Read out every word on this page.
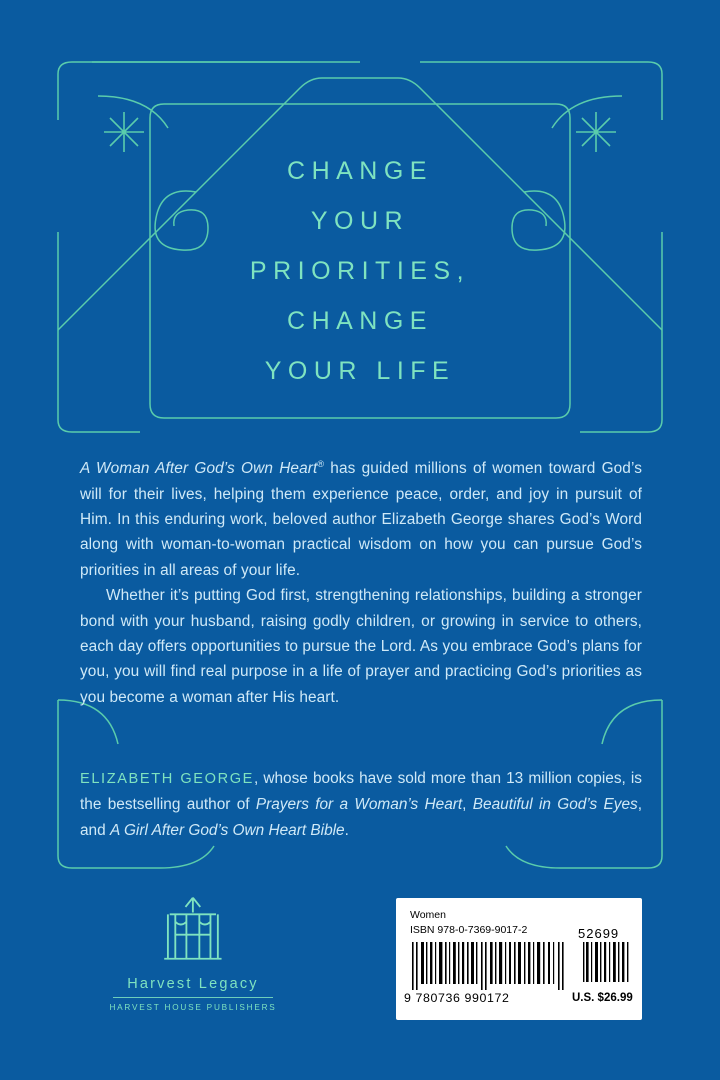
CHANGE
YOUR
PRIORITIES,
CHANGE
YOUR LIFE

A Woman After God’s Own Heart® has guided millions of women toward God’s will for their lives, helping them experience peace, order, and joy in pursuit of Him. In this enduring work, beloved author Elizabeth George shares God’s Word along with woman-to-woman practical wisdom on how you can pursue God’s priorities in all areas of your life.

Whether it’s putting God first, strengthening relationships, building a stronger bond with your husband, raising godly children, or growing in service to others, each day offers opportunities to pursue the Lord. As you embrace God’s plans for you, you will find real purpose in a life of prayer and practicing God’s priorities as you become a woman after His heart.

ELIZABETH GEORGE, whose books have sold more than 13 million copies, is the bestselling author of Prayers for a Woman’s Heart, Beautiful in God’s Eyes, and A Girl After God’s Own Heart Bible.
Harvest Legacy
HARVEST HOUSE PUBLISHERS
Women
ISBN 978-0-7369-9017-2	52699
9 780736 990172	U.S. $26.99
